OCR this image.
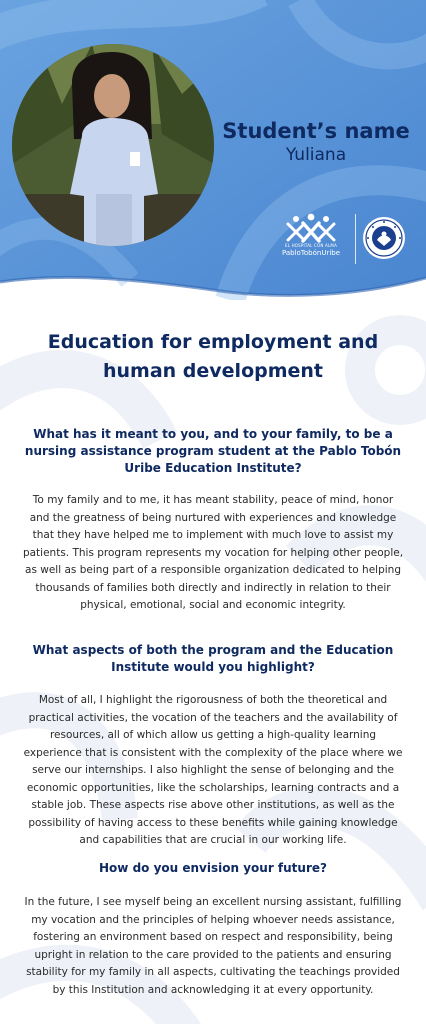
Student’s name
Yuliana
EL HOSPITAL CON ALMA
PabloTobónUribe
Education for employment and human development
What has it meant to you, and to your family, to be a nursing assistance program student at the Pablo Tobón Uribe Education Institute?
To my family and to me, it has meant stability, peace of mind, honor and the greatness of being nurtured with experiences and knowledge that they have helped me to implement with much love to assist my patients. This program represents my vocation for helping other people, as well as being part of a responsible organization dedicated to helping thousands of families both directly and indirectly in relation to their physical, emotional, social and economic integrity.
What aspects of both the program and the Education Institute would you highlight?
Most of all, I highlight the rigorousness of both the theoretical and practical activities, the vocation of the teachers and the availability of resources, all of which allow us getting a high-quality learning experience that is consistent with the complexity of the place where we serve our internships. I also highlight the sense of belonging and the economic opportunities, like the scholarships, learning contracts and a stable job. These aspects rise above other institutions, as well as the possibility of having access to these benefits while gaining knowledge and capabilities that are crucial in our working life.
How do you envision your future?
In the future, I see myself being an excellent nursing assistant, fulfilling my vocation and the principles of helping whoever needs assistance, fostering an environment based on respect and responsibility, being upright in relation to the care provided to the patients and ensuring stability for my family in all aspects, cultivating the teachings provided by this Institution and acknowledging it at every opportunity.
